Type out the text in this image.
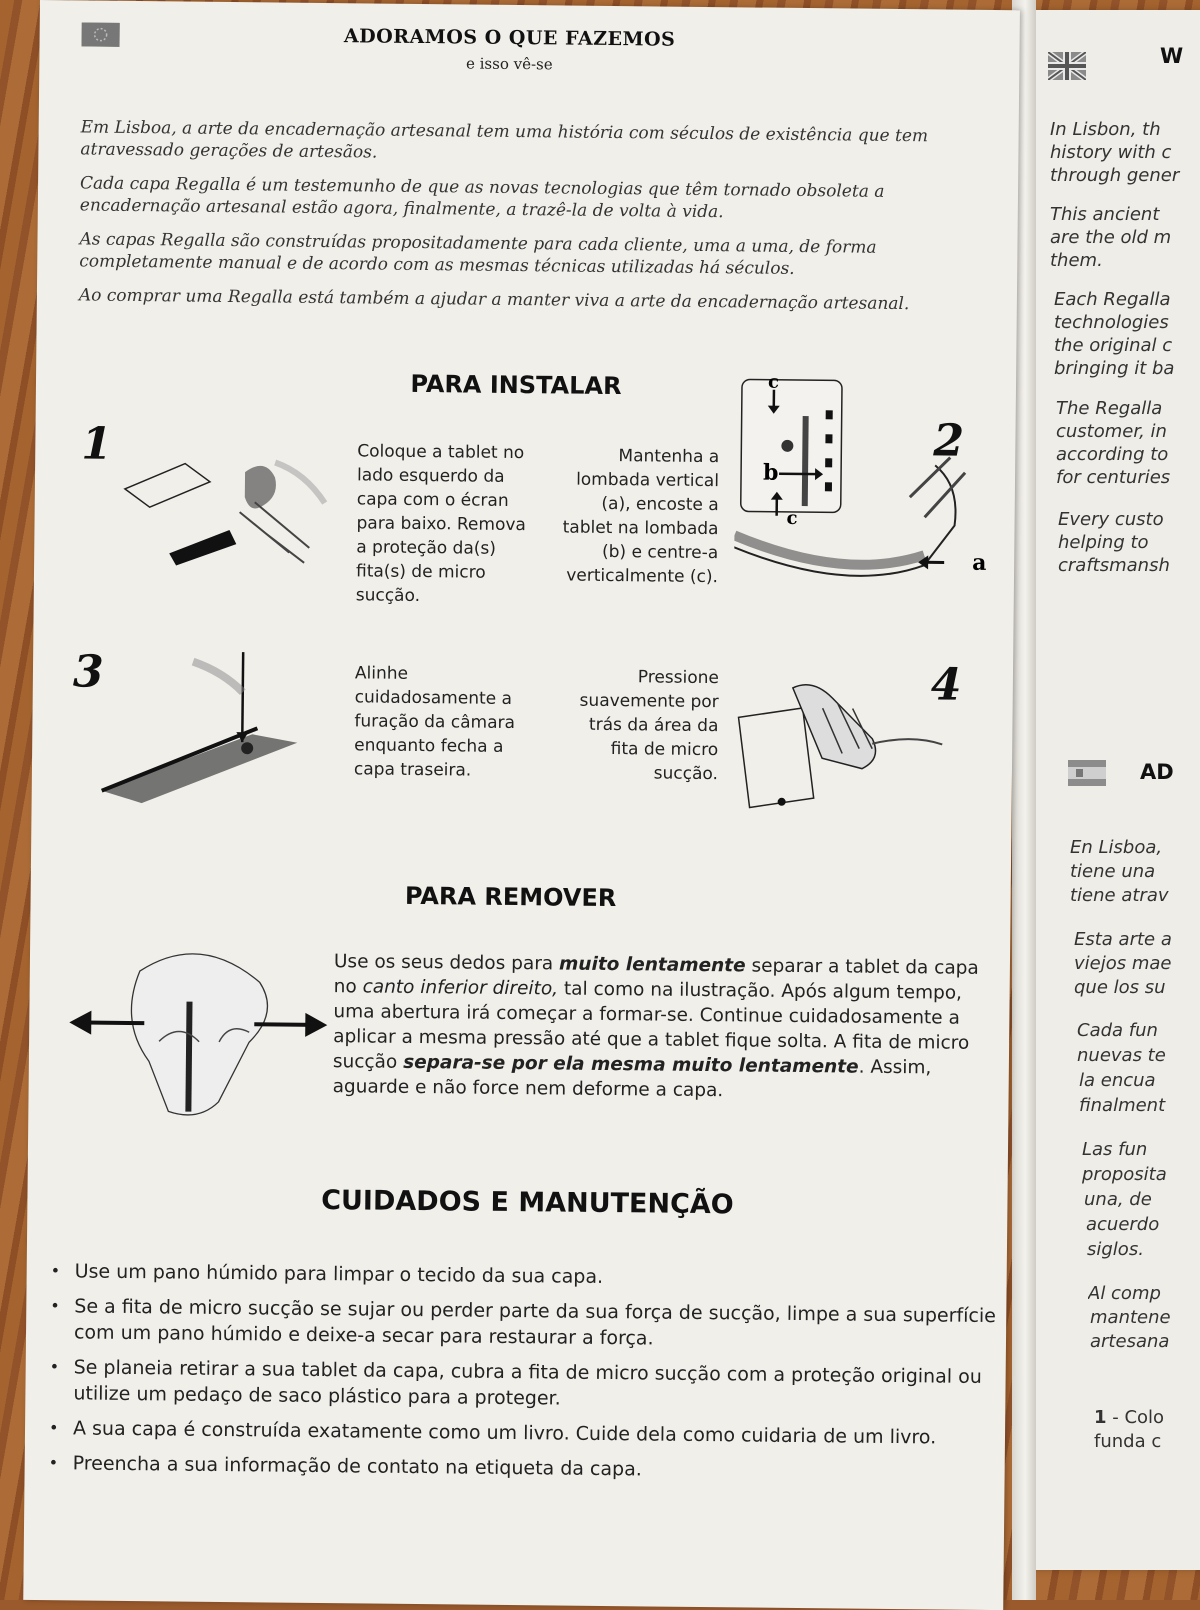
W

In Lisbon, th

history with c

through gener

This ancient

are the old m

them.

Each Regalla

technologies

the original c

bringing it ba

The Regalla

customer, in

according to

for centuries

Every custo

helping to

craftsmansh

AD

En Lisboa,

tiene una

tiene atrav

Esta arte a

viejos mae

que los su

Cada fun

nuevas te

la encua

finalment

Las fun

proposita

una, de

acuerdo

siglos.

Al comp

mantene

artesana

1 - Colo

funda c

ADORAMOS O QUE FAZEMOS
e isso vê-se

Em Lisboa, a arte da encadernação artesanal tem uma história com séculos de existência que tem atravessado gerações de artesãos.

Cada capa Regalla é um testemunho de que as novas tecnologias que têm tornado obsoleta a encadernação artesanal estão agora, finalmente, a trazê-la de volta à vida.

As capas Regalla são construídas propositadamente para cada cliente, uma a uma, de forma completamente manual e de acordo com as mesmas técnicas utilizadas há séculos.

Ao comprar uma Regalla está também a ajudar a manter viva a arte da encadernação artesanal.

PARA INSTALAR
1	Coloque a tablet no lado esquerdo da capa com o écran para baixo. Remova a proteção da(s) fita(s) de micro sucção.

Mantenha a lombada vertical (a), encoste a tablet na lombada (b) e centre-a verticalmente (c).

c
b
c
a
2
3	Alinhe cuidadosamente a furação da câmara enquanto fecha a capa traseira.

Pressione suavemente por trás da área da fita de micro sucção.

4
PARA REMOVER

Use os seus dedos para muito lentamente separar a tablet da capa no canto inferior direito, tal como na ilustração. Após algum tempo, uma abertura irá começar a formar-se. Continue cuidadosamente a aplicar a mesma pressão até que a tablet fique solta. A fita de micro sucção separa-se por ela mesma muito lentamente. Assim, aguarde e não force nem deforme a capa.

CUIDADOS E MANUTENÇÃO
• Use um pano húmido para limpar o tecido da sua capa.
• Se a fita de micro sucção se sujar ou perder parte da sua força de sucção, limpe a sua superfície com um pano húmido e deixe-a secar para restaurar a força.
• Se planeia retirar a sua tablet da capa, cubra a fita de micro sucção com a proteção original ou utilize um pedaço de saco plástico para a proteger.
• A sua capa é construída exatamente como um livro. Cuide dela como cuidaria de um livro.
• Preencha a sua informação de contato na etiqueta da capa.
